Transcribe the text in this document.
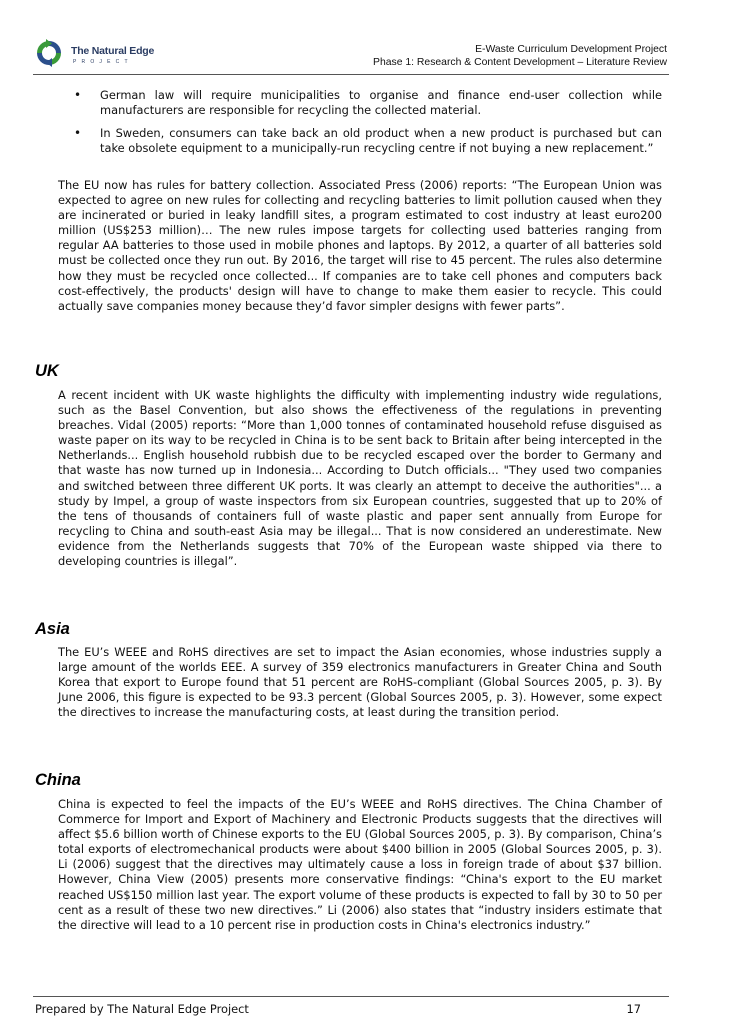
The Natural Edge
PROJECT
E-Waste Curriculum Development Project
Phase 1: Research & Content Development – Literature Review
• German law will require municipalities to organise and finance end-user collection while manufacturers are responsible for recycling the collected material.

• In Sweden, consumers can take back an old product when a new product is purchased but can take obsolete equipment to a municipally-run recycling centre if not buying a new replacement.”

The EU now has rules for battery collection. Associated Press (2006) reports: “The European Union was expected to agree on new rules for collecting and recycling batteries to limit pollution caused when they are incinerated or buried in leaky landfill sites, a program estimated to cost industry at least euro200 million (US$253 million)… The new rules impose targets for collecting used batteries ranging from regular AA batteries to those used in mobile phones and laptops. By 2012, a quarter of all batteries sold must be collected once they run out. By 2016, the target will rise to 45 percent. The rules also determine how they must be recycled once collected... If companies are to take cell phones and computers back cost-effectively, the products' design will have to change to make them easier to recycle. This could actually save companies money because they’d favor simpler designs with fewer parts”.

UK

A recent incident with UK waste highlights the difficulty with implementing industry wide regulations, such as the Basel Convention, but also shows the effectiveness of the regulations in preventing breaches. Vidal (2005) reports: “More than 1,000 tonnes of contaminated household refuse disguised as waste paper on its way to be recycled in China is to be sent back to Britain after being intercepted in the Netherlands... English household rubbish due to be recycled escaped over the border to Germany and that waste has now turned up in Indonesia... According to Dutch officials... "They used two companies and switched between three different UK ports. It was clearly an attempt to deceive the authorities"... a study by Impel, a group of waste inspectors from six European countries, suggested that up to 20% of the tens of thousands of containers full of waste plastic and paper sent annually from Europe for recycling to China and south-east Asia may be illegal... That is now considered an underestimate. New evidence from the Netherlands suggests that 70% of the European waste shipped via there to developing countries is illegal”.

Asia

The EU’s WEEE and RoHS directives are set to impact the Asian economies, whose industries supply a large amount of the worlds EEE. A survey of 359 electronics manufacturers in Greater China and South Korea that export to Europe found that 51 percent are RoHS-compliant (Global Sources 2005, p. 3). By June 2006, this figure is expected to be 93.3 percent (Global Sources 2005, p. 3). However, some expect the directives to increase the manufacturing costs, at least during the transition period.

China

China is expected to feel the impacts of the EU’s WEEE and RoHS directives. The China Chamber of Commerce for Import and Export of Machinery and Electronic Products suggests that the directives will affect $5.6 billion worth of Chinese exports to the EU (Global Sources 2005, p. 3). By comparison, China’s total exports of electromechanical products were about $400 billion in 2005 (Global Sources 2005, p. 3). Li (2006) suggest that the directives may ultimately cause a loss in foreign trade of about $37 billion. However, China View (2005) presents more conservative findings: “China's export to the EU market reached US$150 million last year. The export volume of these products is expected to fall by 30 to 50 per cent as a result of these two new directives.” Li (2006) also states that “industry insiders estimate that the directive will lead to a 10 percent rise in production costs in China's electronics industry.”

Prepared by The Natural Edge Project	17
